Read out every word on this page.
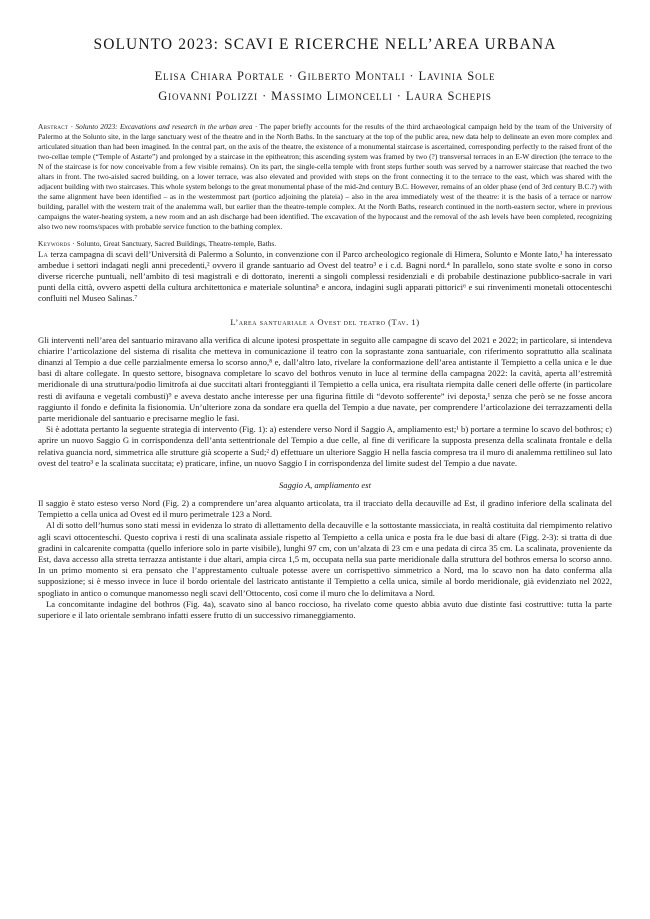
SOLUNTO 2023: SCAVI E RICERCHE NELL’AREA URBANA
Elisa Chiara Portale · Gilberto Montali · Lavinia Sole
Giovanni Polizzi · Massimo Limoncelli · Laura Schepis

Abstract · Solunto 2023: Excavations and research in the urban area · The paper briefly accounts for the results of the third archaeological campaign held by the team of the University of Palermo at the Solunto site, in the large sanctuary west of the theatre and in the North Baths. In the sanctuary at the top of the public area, new data help to delineate an even more complex and articulated situation than had been imagined. In the central part, on the axis of the theatre, the existence of a monumental staircase is ascertained, corresponding perfectly to the raised front of the two-cellae temple (“Temple of Astarte”) and prolonged by a staircase in the epitheatron; this ascending system was framed by two (?) transversal terraces in an E-W direction (the terrace to the N of the staircase is for now conceivable from a few visible remains). On its part, the single-cella temple with front steps further south was served by a narrower staircase that reached the two altars in front. The two-aisled sacred building, on a lower terrace, was also elevated and provided with steps on the front connecting it to the terrace to the east, which was shared with the adjacent building with two staircases. This whole system belongs to the great monumental phase of the mid-2nd century B.C. However, remains of an older phase (end of 3rd century B.C.?) with the same alignment have been identified – as in the westernmost part (portico adjoining the plateia) – also in the area immediately west of the theatre: it is the basis of a terrace or narrow building, parallel with the western trait of the analemma wall, but earlier than the theatre-temple complex. At the North Baths, research continued in the north-eastern sector, where in previous campaigns the water-heating system, a new room and an ash discharge had been identified. The excavation of the hypocaust and the removal of the ash levels have been completed, recognizing also two new rooms/spaces with probable service function to the bathing complex.

Keywords · Solunto, Great Sanctuary, Sacred Buildings, Theatre-temple, Baths.

La terza campagna di scavi dell’Università di Palermo a Solunto, in convenzione con il Parco archeologico regionale di Himera, Solunto e Monte Iato,¹ ha interessato ambedue i settori indagati negli anni precedenti,² ovvero il grande santuario ad Ovest del teatro³ e i c.d. Bagni nord.⁴ In parallelo, sono state svolte e sono in corso diverse ricerche puntuali, nell’ambito di tesi magistrali e di dottorato, inerenti a singoli complessi residenziali e di probabile destinazione pubblico-sacrale in vari punti della città, ovvero aspetti della cultura architettonica e materiale soluntina⁵ e ancora, indagini sugli apparati pittorici⁶ e sui rinvenimenti monetali ottocenteschi confluiti nel Museo Salinas.⁷

L’area santuariale a Ovest del teatro (Tav. 1)

Gli interventi nell’area del santuario miravano alla verifica di alcune ipotesi prospettate in seguito alle campagne di scavo del 2021 e 2022; in particolare, si intendeva chiarire l’articolazione del sistema di risalita che metteva in comunicazione il teatro con la soprastante zona santuariale, con riferimento soprattutto alla scalinata dinanzi al Tempio a due celle parzialmente emersa lo scorso anno,⁸ e, dall’altro lato, rivelare la conformazione dell’area antistante il Tempietto a cella unica e le due basi di altare collegate. In questo settore, bisognava completare lo scavo del bothros venuto in luce al termine della campagna 2022: la cavità, aperta all’estremità meridionale di una struttura/podio limitrofa ai due succitati altari fronteggianti il Tempietto a cella unica, era risultata riempita dalle ceneri delle offerte (in particolare resti di avifauna e vegetali combusti)⁹ e aveva destato anche interesse per una figurina fittile di “devoto sofferente” ivi deposta,¹ senza che però se ne fosse ancora raggiunto il fondo e definita la fisionomia. Un’ulteriore zona da sondare era quella del Tempio a due navate, per comprendere l’articolazione dei terrazzamenti della parte meridionale del santuario e precisarne meglio le fasi.

Si è adottata pertanto la seguente strategia di intervento (Fig. 1): a) estendere verso Nord il Saggio A, ampliamento est;¹ b) portare a termine lo scavo del bothros; c) aprire un nuovo Saggio G in corrispondenza dell’anta settentrionale del Tempio a due celle, al fine di verificare la supposta presenza della scalinata frontale e della relativa guancia nord, simmetrica alle strutture già scoperte a Sud;² d) effettuare un ulteriore Saggio H nella fascia compresa tra il muro di analemma rettilineo sul lato ovest del teatro³ e la scalinata succitata; e) praticare, infine, un nuovo Saggio I in corrispondenza del limite sudest del Tempio a due navate.

Saggio A, ampliamento est

Il saggio è stato esteso verso Nord (Fig. 2) a comprendere un’area alquanto articolata, tra il tracciato della decauville ad Est, il gradino inferiore della scalinata del Tempietto a cella unica ad Ovest ed il muro perimetrale 123 a Nord.

Al di sotto dell’humus sono stati messi in evidenza lo strato di allettamento della decauville e la sottostante massicciata, in realtà costituita dal riempimento relativo agli scavi ottocenteschi. Questo copriva i resti di una scalinata assiale rispetto al Tempietto a cella unica e posta fra le due basi di altare (Figg. 2-3): si tratta di due gradini in calcarenite compatta (quello inferiore solo in parte visibile), lunghi 97 cm, con un’alzata di 23 cm e una pedata di circa 35 cm. La scalinata, proveniente da Est, dava accesso alla stretta terrazza antistante i due altari, ampia circa 1,5 m, occupata nella sua parte meridionale dalla struttura del bothros emersa lo scorso anno. In un primo momento si era pensato che l’apprestamento cultuale potesse avere un corrispettivo simmetrico a Nord, ma lo scavo non ha dato conferma alla supposizione; si è messo invece in luce il bordo orientale del lastricato antistante il Tempietto a cella unica, simile al bordo meridionale, già evidenziato nel 2022, spogliato in antico o comunque manomesso negli scavi dell’Ottocento, così come il muro che lo delimitava a Nord.

La concomitante indagine del bothros (Fig. 4a), scavato sino al banco roccioso, ha rivelato come questo abbia avuto due distinte fasi costruttive: tutta la parte superiore e il lato orientale sembrano infatti essere frutto di un successivo rimaneggiamento.
